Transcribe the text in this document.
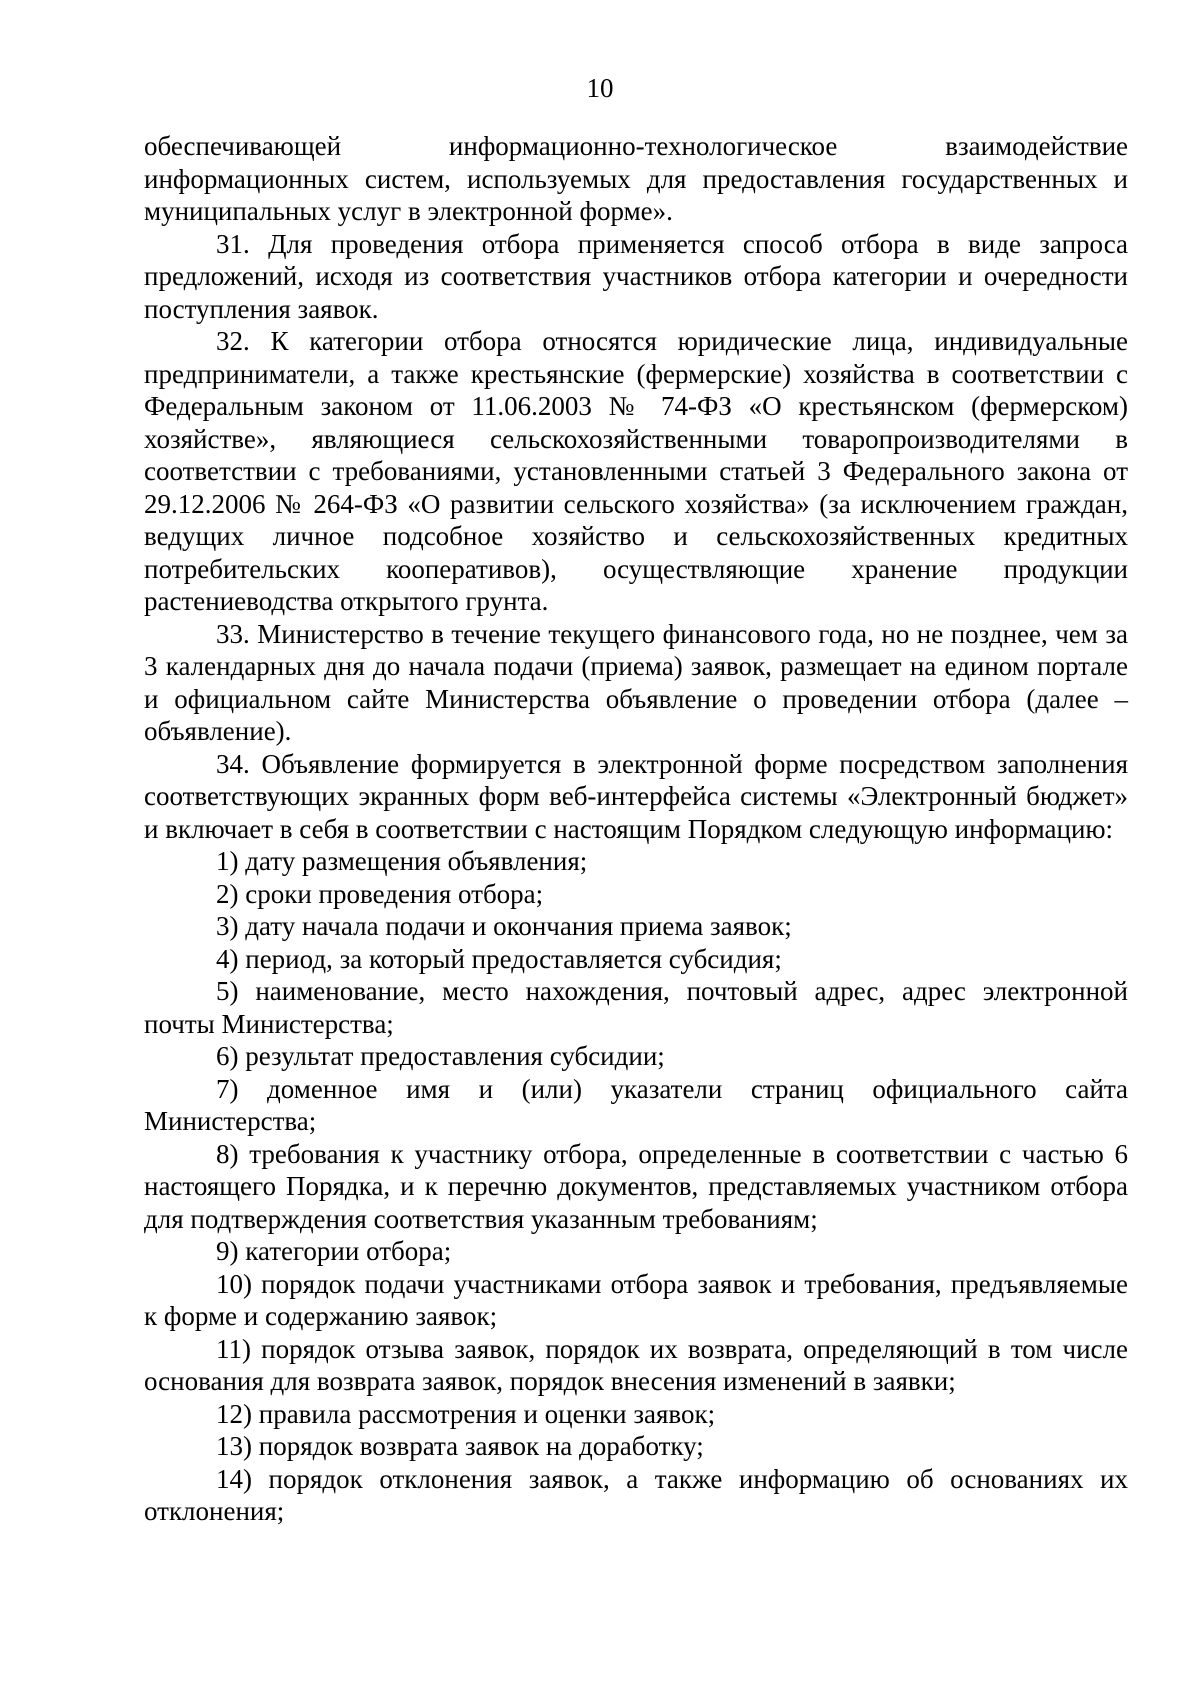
10

обеспечивающей информационно-технологическое взаимодействие информационных систем, используемых для предоставления государственных и муниципальных услуг в электронной форме».

31. Для проведения отбора применяется способ отбора в виде запроса предложений, исходя из соответствия участников отбора категории и очередности поступления заявок.

32. К категории отбора относятся юридические лица, индивидуальные предприниматели, а также крестьянские (фермерские) хозяйства в соответствии с Федеральным законом от 11.06.2003 № 74-ФЗ «О крестьянском (фермерском) хозяйстве», являющиеся сельскохозяйственными товаропроизводителями в соответствии с требованиями, установленными статьей 3 Федерального закона от 29.12.2006 № 264-ФЗ «О развитии сельского хозяйства» (за исключением граждан, ведущих личное подсобное хозяйство и сельскохозяйственных кредитных потребительских кооперативов), осуществляющие хранение продукции растениеводства открытого грунта.

33. Министерство в течение текущего финансового года, но не позднее, чем за 3 календарных дня до начала подачи (приема) заявок, размещает на едином портале и официальном сайте Министерства объявление о проведении отбора (далее – объявление).

34. Объявление формируется в электронной форме посредством заполнения соответствующих экранных форм веб-интерфейса системы «Электронный бюджет» и включает в себя в соответствии с настоящим Порядком следующую информацию:

1) дату размещения объявления;

2) сроки проведения отбора;

3) дату начала подачи и окончания приема заявок;

4) период, за который предоставляется субсидия;

5) наименование, место нахождения, почтовый адрес, адрес электронной почты Министерства;

6) результат предоставления субсидии;

7) доменное имя и (или) указатели страниц официального сайта Министерства;

8) требования к участнику отбора, определенные в соответствии с частью 6 настоящего Порядка, и к перечню документов, представляемых участником отбора для подтверждения соответствия указанным требованиям;

9) категории отбора;

10) порядок подачи участниками отбора заявок и требования, предъявляемые к форме и содержанию заявок;

11) порядок отзыва заявок, порядок их возврата, определяющий в том числе основания для возврата заявок, порядок внесения изменений в заявки;

12) правила рассмотрения и оценки заявок;

13) порядок возврата заявок на доработку;

14) порядок отклонения заявок, а также информацию об основаниях их отклонения;
